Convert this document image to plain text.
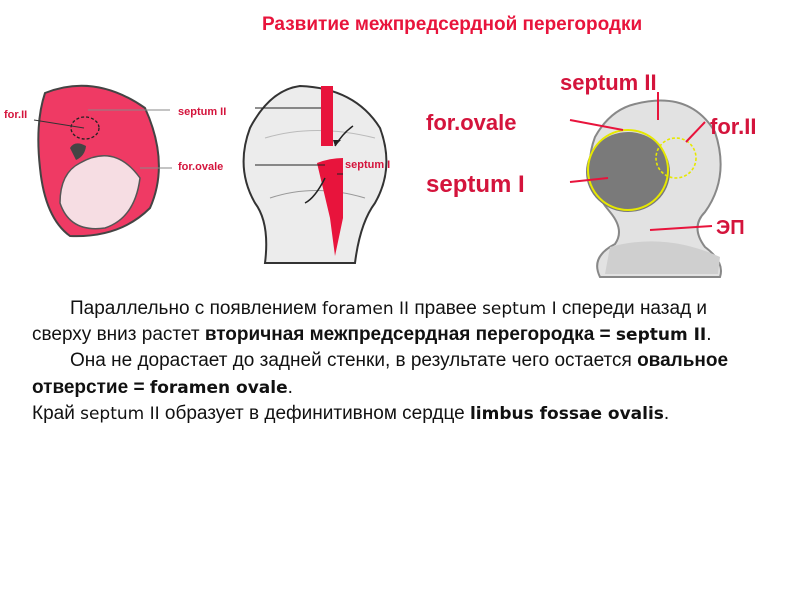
Развитие межпредсердной перегородки
for.II	septum II
for.ovale	septum I
septum II
for.ovale	for.II
septum I
ЭП

Параллельно с появлением foramen II правее septum I спереди назад и сверху вниз растет вторичная межпредсердная перегородка = septum II.

Она не дорастает до задней стенки, в результате чего остается овальное отверстие = foramen ovale.

Край septum II образует в дефинитивном сердце limbus fossae ovalis.
